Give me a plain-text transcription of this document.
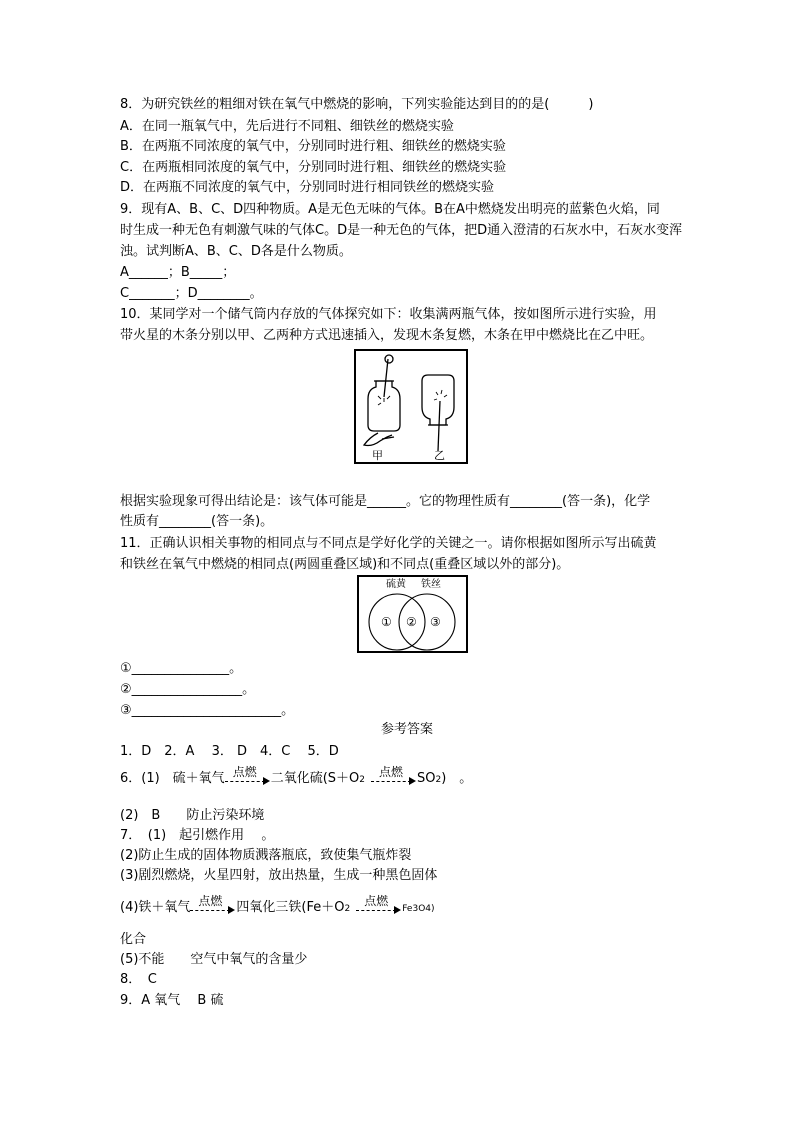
8．为研究铁丝的粗细对铁在氧气中燃烧的影响，下列实验能达到目的的是(　　　)
A．在同一瓶氧气中，先后进行不同粗、细铁丝的燃烧实验
B．在两瓶不同浓度的氧气中，分别同时进行粗、细铁丝的燃烧实验
C．在两瓶相同浓度的氧气中，分别同时进行粗、细铁丝的燃烧实验
D．在两瓶不同浓度的氧气中，分别同时进行相同铁丝的燃烧实验
9．现有A、B、C、D四种物质。A是无色无味的气体。B在A中燃烧发出明亮的蓝紫色火焰，同
时生成一种无色有刺激气味的气体C。D是一种无色的气体，把D通入澄清的石灰水中，石灰水变浑
浊。试判断A、B、C、D各是什么物质。
A______；B_____；
C_______；D________。
10．某同学对一个储气筒内存放的气体探究如下：收集满两瓶气体，按如图所示进行实验，用
带火星的木条分别以甲、乙两种方式迅速插入，发现木条复燃，木条在甲中燃烧比在乙中旺。
甲	乙
根据实验现象可得出结论是：该气体可能是______。它的物理性质有________(答一条)，化学
性质有________(答一条)。
11．正确认识相关事物的相同点与不同点是学好化学的关键之一。请你根据如图所示写出硫黄
和铁丝在氧气中燃烧的相同点(两圆重叠区域)和不同点(重叠区域以外的部分)。
硫黄 铁丝
① ② ③
①_______________。
②_________________。
③_______________________。
参考答案
1．D　2．A　 3． D　4．C　 5．D
6．(1)　硫＋氧气 点燃 二氧化硫(S＋O2
点燃 SO2)　。
(2)　B　　防止污染环境
7．　(1)　起引燃作用　 。
(2)防止生成的固体物质溅落瓶底，致使集气瓶炸裂
(3)剧烈燃烧，火星四射，放出热量，生成一种黑色固体
(4)铁＋氧气 点燃 四氧化三铁(Fe＋O2
点燃
Fe3O4)
化合
(5)不能　　空气中氧气的含量少
8．　C
9．A 氧气　 B 硫
